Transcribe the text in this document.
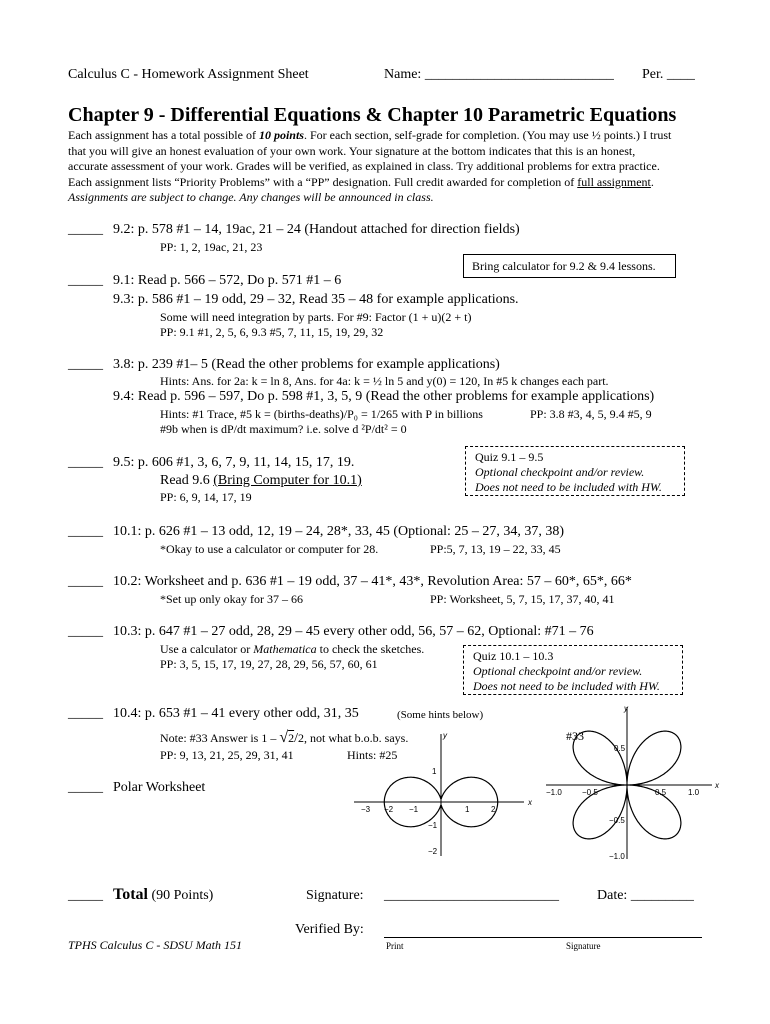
Calculus C - Homework Assignment Sheet	Name: ___________________________ Per. ____
Chapter 9 - Differential Equations & Chapter 10 Parametric Equations

Each assignment has a total possible of 10 points. For each section, self-grade for completion. (You may use ½ points.) I trust

that you will give an honest evaluation of your own work. Your signature at the bottom indicates that this is an honest,

accurate assessment of your work. Grades will be verified, as explained in class. Try additional problems for extra practice.

Each assignment lists “Priority Problems” with a “PP” designation. Full credit awarded for completion of full assignment.

Assignments are subject to change. Any changes will be announced in class.

_____ 9.2: p. 578 #1 – 14, 19ac, 21 – 24 (Handout attached for direction fields)
PP: 1, 2, 19ac, 21, 23
Bring calculator for 9.2 & 9.4 lessons.
_____ 9.1: Read p. 566 – 572, Do p. 571 #1 – 6
9.3: p. 586 #1 – 19 odd, 29 – 32, Read 35 – 48 for example applications.
Some will need integration by parts. For #9: Factor (1 + u)(2 + t)
PP: 9.1 #1, 2, 5, 6, 9.3 #5, 7, 11, 15, 19, 29, 32
_____ 3.8: p. 239 #1– 5 (Read the other problems for example applications)
Hints: Ans. for 2a: k = ln 8, Ans. for 4a: k = ½ ln 5 and y(0) = 120, In #5 k changes each part.
9.4: Read p. 596 – 597, Do p. 598 #1, 3, 5, 9 (Read the other problems for example applications)
Hints: #1 Trace, #5 k = (births-deaths)/P₀ = 1/265 with P in billions	PP: 3.8 #3, 4, 5, 9.4 #5, 9
#9b when is dP/dt maximum? i.e. solve d ²P/dt² = 0
_____ 9.5: p. 606 #1, 3, 6, 7, 9, 11, 14, 15, 17, 19.
Read 9.6 (Bring Computer for 10.1)
PP: 6, 9, 14, 17, 19
Quiz 9.1 – 9.5
Optional checkpoint and/or review.
Does not need to be included with HW.
_____ 10.1: p. 626 #1 – 13 odd, 12, 19 – 24, 28*, 33, 45 (Optional: 25 – 27, 34, 37, 38)
*Okay to use a calculator or computer for 28.	PP:5, 7, 13, 19 – 22, 33, 45
_____ 10.2: Worksheet and p. 636 #1 – 19 odd, 37 – 41*, 43*, Revolution Area: 57 – 60*, 65*, 66*
*Set up only okay for 37 – 66	PP: Worksheet, 5, 7, 15, 17, 37, 40, 41
_____ 10.3: p. 647 #1 – 27 odd, 28, 29 – 45 every other odd, 56, 57 – 62, Optional: #71 – 76
Use a calculator or Mathematica to check the sketches.
PP: 3, 5, 15, 17, 19, 27, 28, 29, 56, 57, 60, 61
Quiz 10.1 – 10.3
Optional checkpoint and/or review.
Does not need to be included with HW.
_____ 10.4: p. 653 #1 – 41 every other odd, 31, 35	(Some hints below)
Note: #33 Answer is 1 – √2/2, not what b.o.b. says.
PP: 9, 13, 21, 25, 29, 31, 41	Hints: #25
#33
_____ Polar Worksheet
x
y
−3 −2 −1	1	2
1
−1
−2
x
y
−1.0	−0.5	0.5	1.0
0.5
−0.5
−1.0
_____ Total (90 Points)	Signature: _________________________	Date: _________
Verified By:
TPHS Calculus C - SDSU Math 151	Print	Signature
